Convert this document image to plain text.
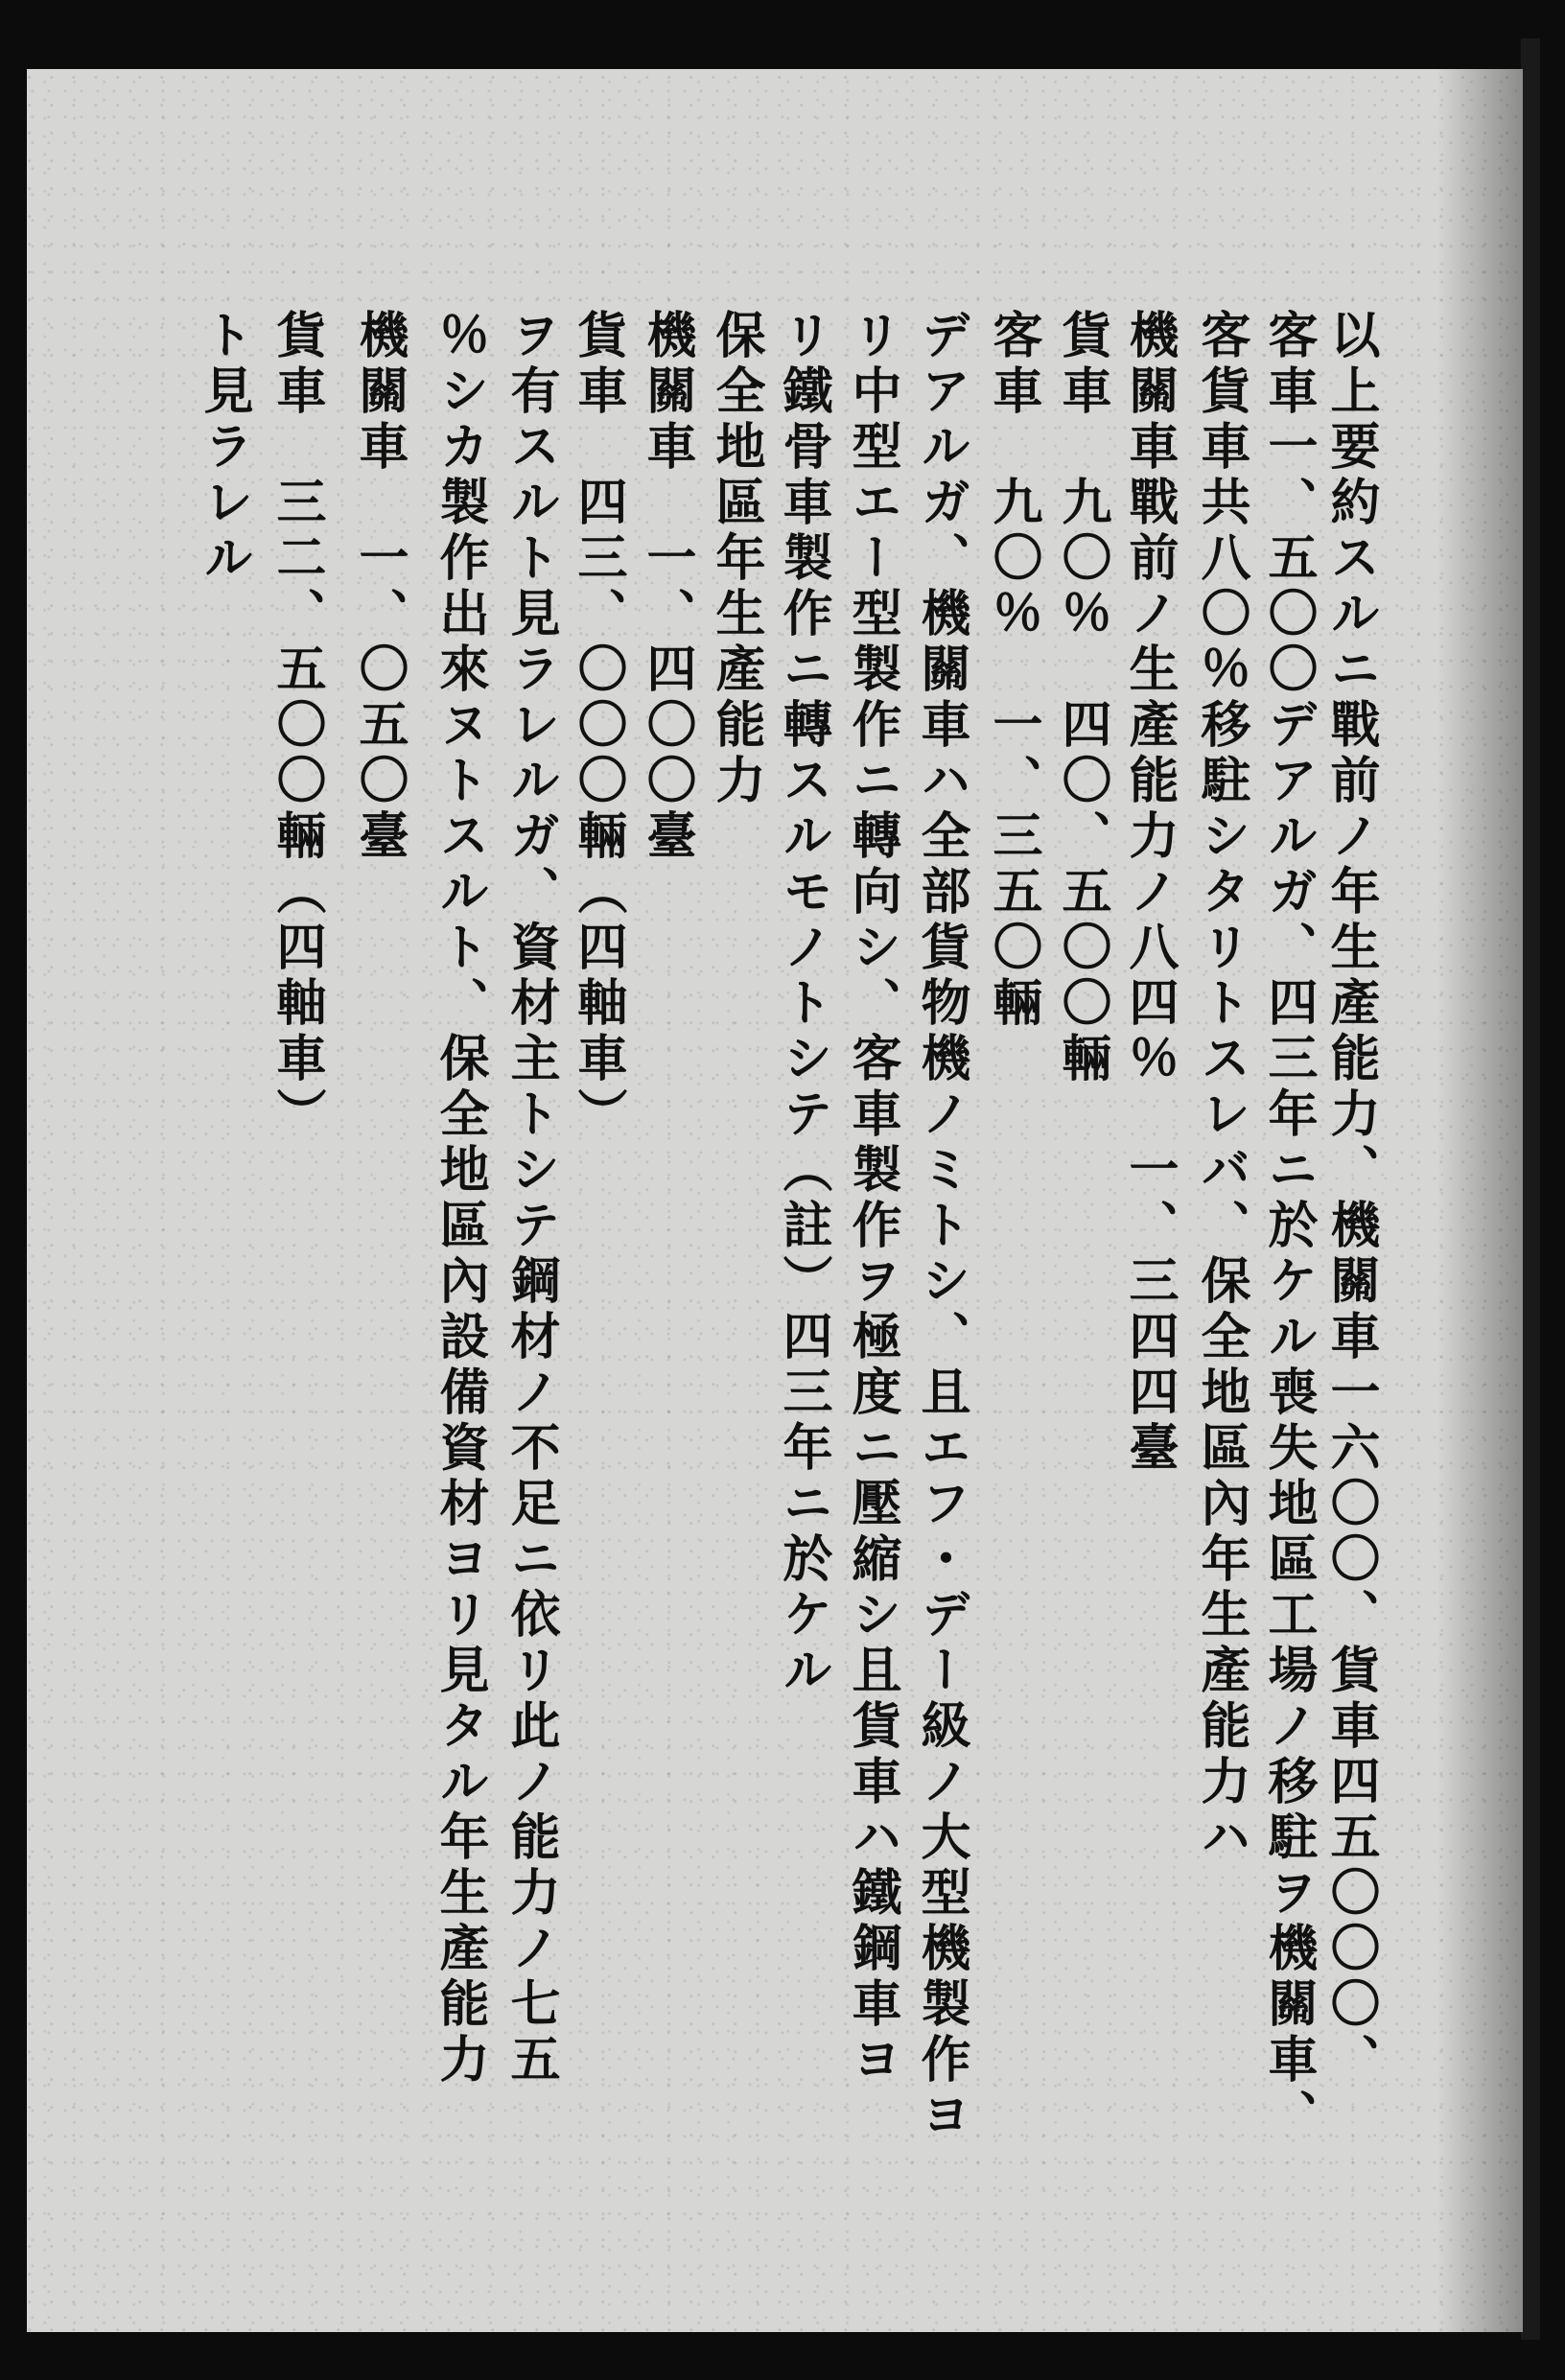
以上要約スルニ戰前ノ年生產能力、機關車一六〇〇、貨車四五〇〇〇、
客車一、五〇〇デアルガ、四三年ニ於ケル喪失地區工場ノ移駐ヲ機關車、
客貨車共八〇％移駐シタリトスレバ、保全地區內年生產能力ハ
機關車戰前ノ生產能力ノ八四％　一、三四四臺
貨車　九〇％　四〇、五〇〇輛
客車　九〇％　一、三五〇輛
デアルガ、機關車ハ全部貨物機ノミトシ、且エフ・デー級ノ大型機製作ヨ
リ中型エー型製作ニ轉向シ、客車製作ヲ極度ニ壓縮シ且貨車ハ鐵鋼車ヨ
リ鐵骨車製作ニ轉スルモノトシテ（註）四三年ニ於ケル
保全地區年生產能力
機關車　一、四〇〇臺
貨車　四三、〇〇〇輛（四軸車）
ヲ有スルト見ラレルガ、資材主トシテ鋼材ノ不足ニ依リ此ノ能力ノ七五
％シカ製作出來ヌトスルト、保全地區內設備資材ヨリ見タル年生產能力
機關車　一、〇五〇臺
貨車　三二、五〇〇輛（四軸車）
ト見ラレル
